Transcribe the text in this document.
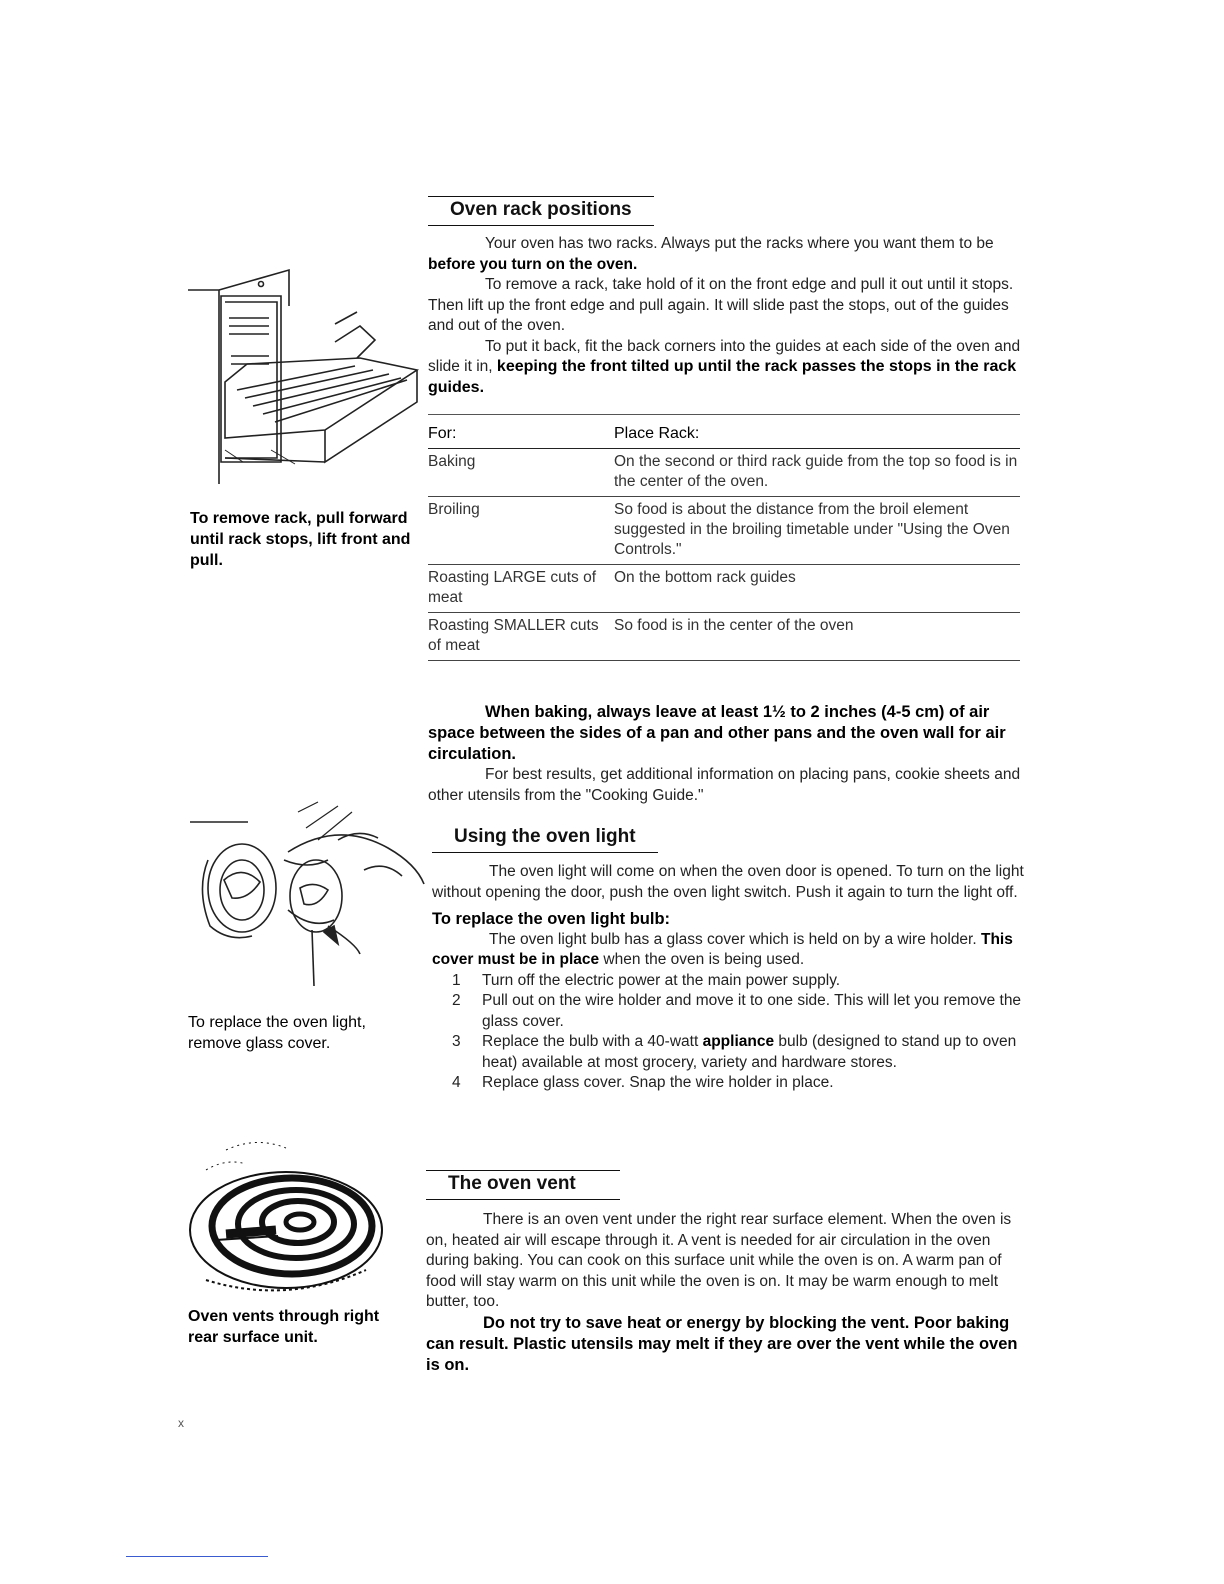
Oven rack positions

Your oven has two racks. Always put the racks where you want them to be before you turn on the oven.

To remove a rack, take hold of it on the front edge and pull it out until it stops. Then lift up the front edge and pull again. It will slide past the stops, out of the guides and out of the oven.

To put it back, fit the back corners into the guides at each side of the oven and slide it in, keeping the front tilted up until the rack passes the stops in the rack guides.

For:	Place Rack:
Baking	On the second or third rack guide from the top so food is in the center of the oven.
Broiling	So food is about the distance from the broil element suggested in the broiling timetable under "Using the Oven Controls."
Roasting LARGE cuts of meat	On the bottom rack guides
Roasting SMALLER cuts of meat	So food is in the center of the oven

When baking, always leave at least 1½ to 2 inches (4-5 cm) of air space between the sides of a pan and other pans and the oven wall for air circulation.

For best results, get additional information on placing pans, cookie sheets and other utensils from the "Cooking Guide."

To remove rack, pull forward until rack stops, lift front and pull.
Using the oven light

The oven light will come on when the oven door is opened. To turn on the light without opening the door, push the oven light switch. Push it again to turn the light off.

To replace the oven light bulb:

The oven light bulb has a glass cover which is held on by a wire holder. This cover must be in place when the oven is being used.

1 Turn off the electric power at the main power supply.
2 Pull out on the wire holder and move it to one side. This will let you remove the glass cover.
3 Replace the bulb with a 40-watt appliance bulb (designed to stand up to oven heat) available at most grocery, variety and hardware stores.
4 Replace glass cover. Snap the wire holder in place.
To replace the oven light, remove glass cover.
The oven vent

There is an oven vent under the right rear surface element. When the oven is on, heated air will escape through it. A vent is needed for air circulation in the oven during baking. You can cook on this surface unit while the oven is on. A warm pan of food will stay warm on this unit while the oven is on. It may be warm enough to melt butter, too.

Do not try to save heat or energy by blocking the vent. Poor baking can result. Plastic utensils may melt if they are over the vent while the oven is on.

Oven vents through right rear surface unit.
x
